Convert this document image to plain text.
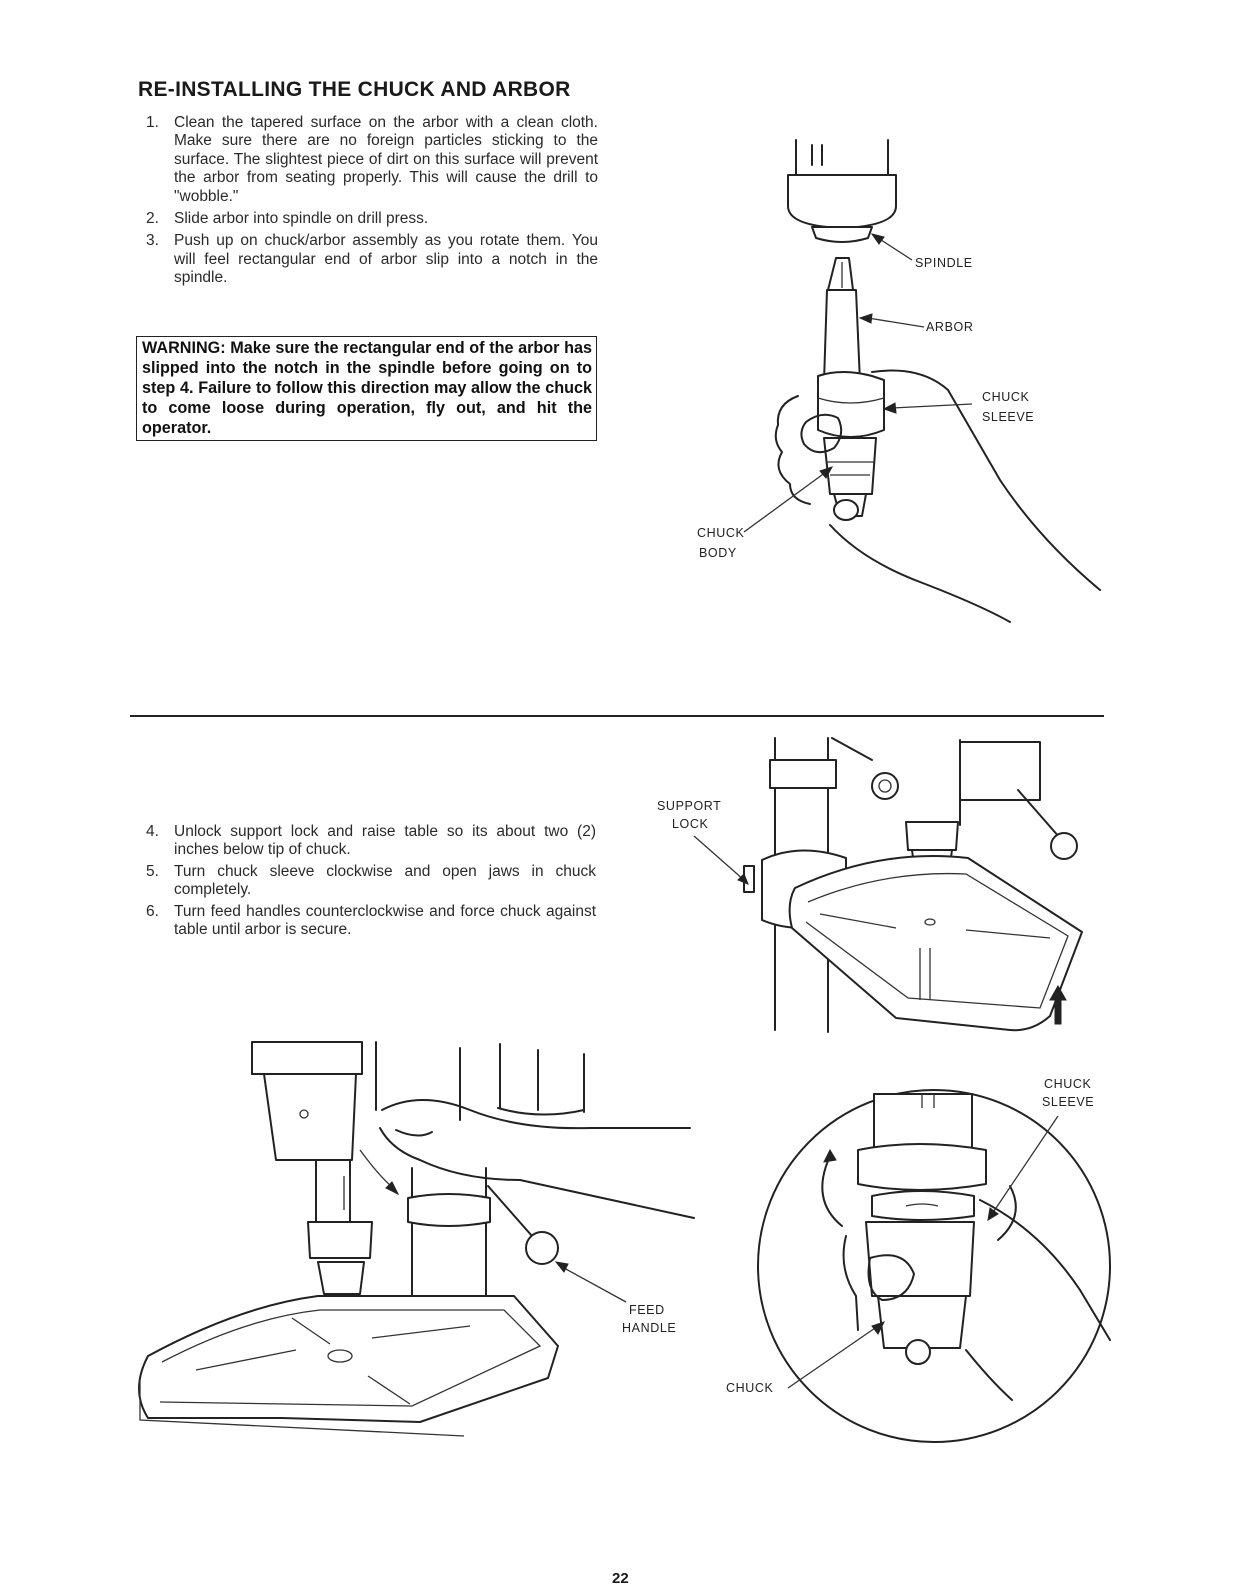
RE-INSTALLING THE CHUCK AND ARBOR
1. Clean the tapered surface on the arbor with a clean cloth. Make sure there are no foreign particles sticking to the surface. The slightest piece of dirt on this surface will prevent the arbor from seating properly. This will cause the drill to "wobble."
2. Slide arbor into spindle on drill press.
3. Push up on chuck/arbor assembly as you rotate them. You will feel rectangular end of arbor slip into a notch in the spindle.
WARNING: Make sure the rectangular end of the arbor has slipped into the notch in the spindle before going on to step 4. Failure to follow this direction may allow the chuck to come loose during operation, fly out, and hit the operator.
4. Unlock support lock and raise table so its about two (2) inches below tip of chuck.
5. Turn chuck sleeve clockwise and open jaws in chuck completely.
6. Turn feed handles counterclockwise and force chuck against table until arbor is secure.
SPINDLE
ARBOR
CHUCK
SLEEVE
CHUCK
BODY
SUPPORT
LOCK
FEED
HANDLE
CHUCK
SLEEVE
CHUCK
22
